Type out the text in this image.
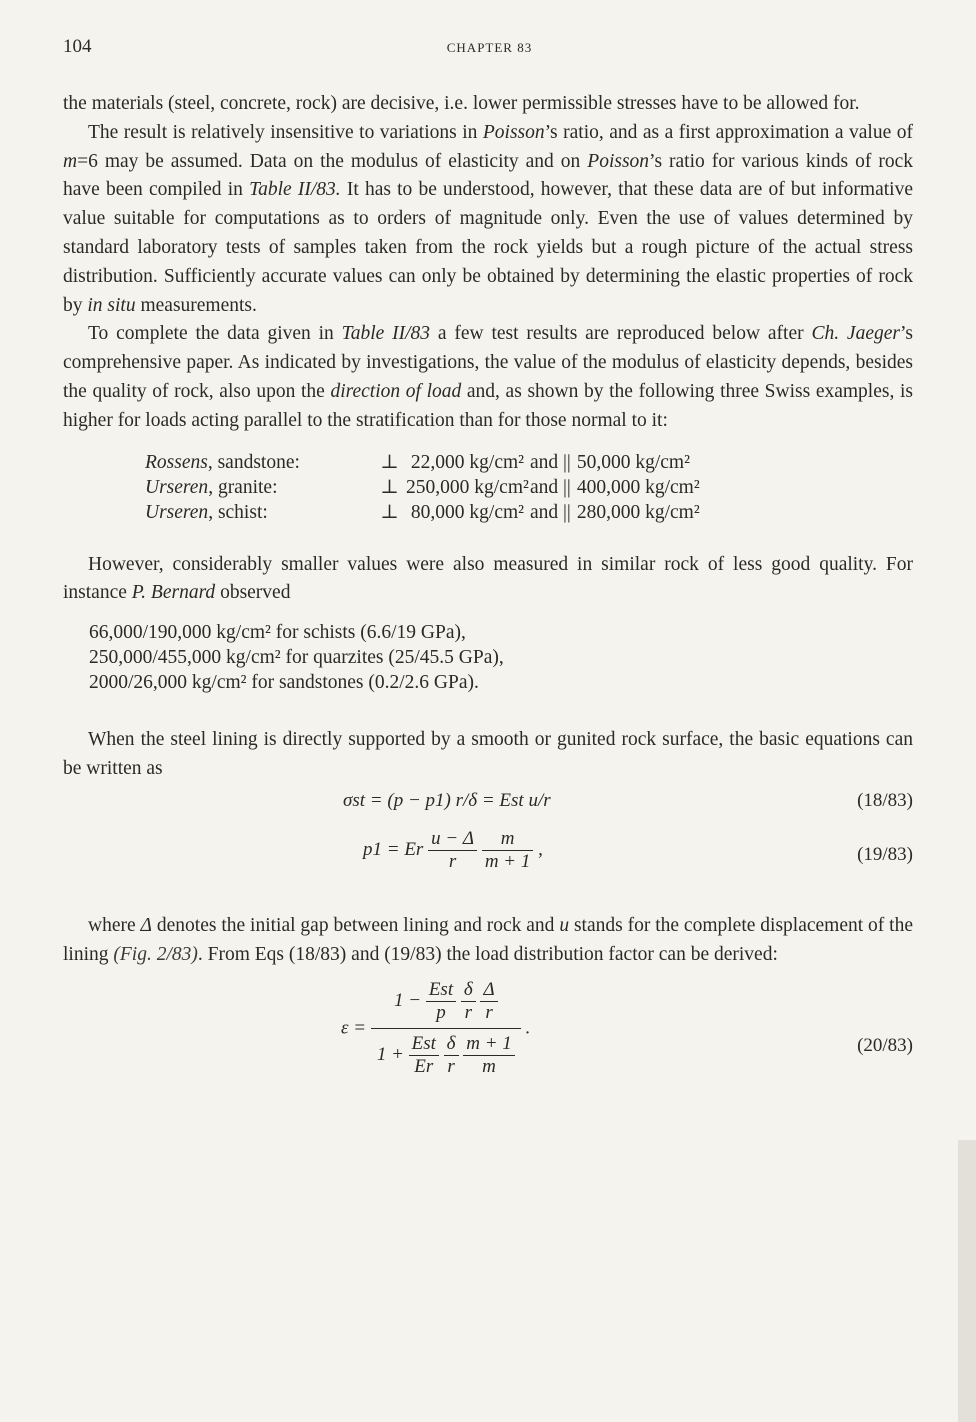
104	CHAPTER 83

the materials (steel, concrete, rock) are decisive, i.e. lower permissible stresses have to be allowed for.

The result is relatively insensitive to variations in Poisson’s ratio, and as a first approximation a value of m=6 may be assumed. Data on the modulus of elasticity and on Poisson’s ratio for various kinds of rock have been compiled in Table II/83. It has to be understood, however, that these data are of but informative value suitable for computations as to orders of magnitude only. Even the use of values determined by standard laboratory tests of samples taken from the rock yields but a rough picture of the actual stress distribution. Sufficiently accurate values can only be obtained by determining the elastic properties of rock by in situ measurements.

To complete the data given in Table II/83 a few test results are reproduced below after Ch. Jaeger’s comprehensive paper. As indicated by investigations, the value of the modulus of elasticity depends, besides the quality of rock, also upon the direction of load and, as shown by the following three Swiss examples, is higher for loads acting parallel to the stratification than for those normal to it:

Rossens, sandstone:	⊥ 22,000 kg/cm² and || 50,000 kg/cm²
Urseren, granite:	⊥ 250,000 kg/cm² and || 400,000 kg/cm²
Urseren, schist:	⊥ 80,000 kg/cm² and || 280,000 kg/cm²

However, considerably smaller values were also measured in similar rock of less good quality. For instance P. Bernard observed

66,000/190,000 kg/cm² for schists (6.6/19 GPa),
250,000/455,000 kg/cm² for quarzites (25/45.5 GPa),
2000/26,000 kg/cm² for sandstones (0.2/2.6 GPa).

When the steel lining is directly supported by a smooth or gunited rock surface, the basic equations can be written as

σst = (p − p1) r/δ = Est u/r	(18/83)
p1 = Er $\frac{u - \Delta}{r}$
$\frac{m}{m + 1}$ ,	(19/83)

where Δ denotes the initial gap between lining and rock and u stands for the complete displacement of the lining (Fig. 2/83). From Eqs (18/83) and (19/83) the load distribution factor can be derived:

$\varepsilon = 1 - \frac{\text{Est}}{p}$
$\frac{\delta}{r}$
$\frac{\Delta}{r}$
$1 + \frac{\text{Est}}{Er}$
$\frac{\delta}{r}$
$\frac{m + 1}{m}$ .
(20/83)
